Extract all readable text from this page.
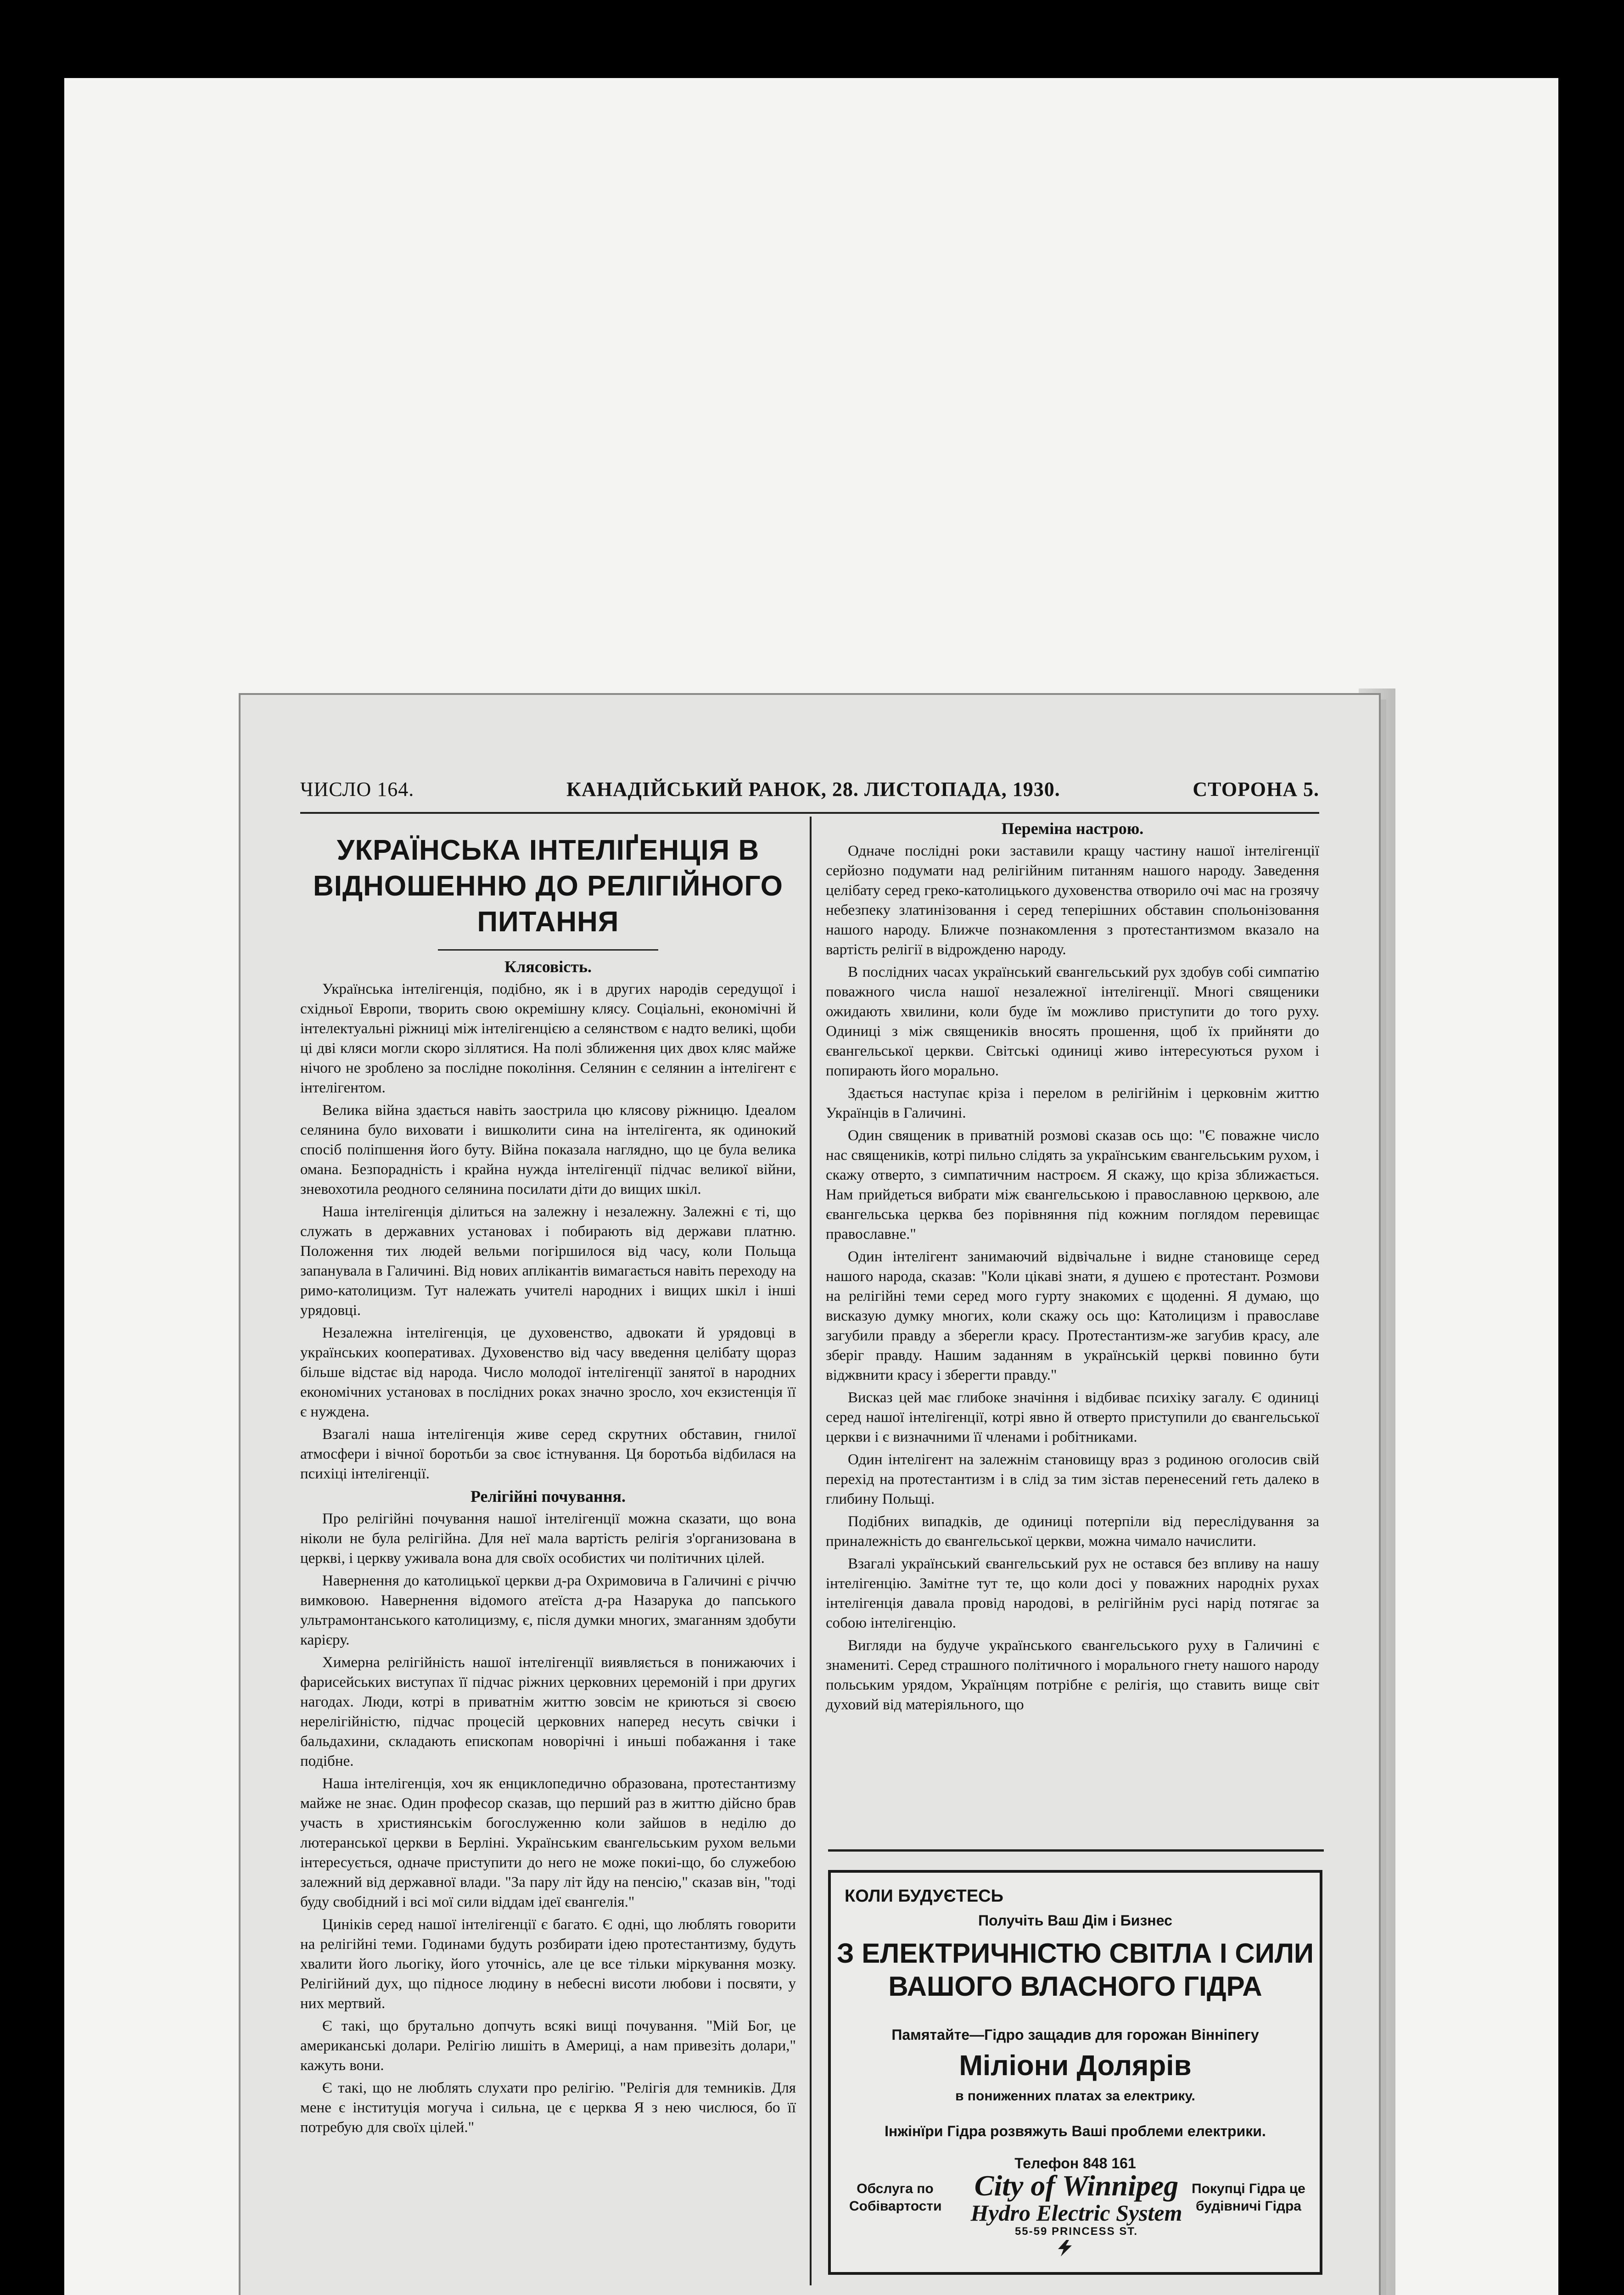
ЧИСЛО 164.	КАНАДІЙСЬКИЙ РАНОК, 28. ЛИСТОПАДА, 1930.	СТОРОНА 5.
УКРАЇНСЬКА ІНТЕЛІҐЕНЦІЯ В ВІДНОШЕННЮ ДО РЕЛІГІЙНОГО ПИТАННЯ

Клясовість.

Українська інтелігенція, подібно, як і в других народів середущої і східньої Европи, творить свою окремішну клясу. Соціальні, економічні й інтелектуальні ріжниці між інтелігенцією а селянством є надто великі, щоби ці дві кляси могли скоро зіллятися. На полі зближення цих двох кляс майже нічого не зроблено за послідне покоління. Селянин є селянин а інтелігент є інтелігентом.

Велика війна здається навіть заострила цю клясову ріжницю. Ідеалом селянина було виховати і вишколити сина на інтелігента, як одинокий спосіб поліпшення його буту. Війна показала наглядно, що це була велика омана. Безпорадність і крайна нужда інтелігенції підчас великої війни, зневохотила реодного селянина посилати діти до вищих шкіл.

Наша інтелігенція ділиться на залежну і незалежну. Залежні є ті, що служать в державних установах і побирають від держави платню. Положення тих людей вельми погіршилося від часу, коли Польща запанувала в Галичині. Від нових аплікантів вимагається навіть переходу на римо-католицизм. Тут належать учителі народних і вищих шкіл і інші урядовці.

Незалежна інтелігенція, це духовенство, адвокати й урядовці в українських кооперативах. Духовенство від часу введення целібату щораз більше відстає від народа. Число молодої інтелігенції занятої в народних економічних установах в послідних роках значно зросло, хоч екзистенція її є нуждена.

Взагалі наша інтелігенція живе серед скрутних обставин, гнилої атмосфери і вічної боротьби за своє істнування. Ця боротьба відбилася на психіці інтелігенції.

Релігійні почування.

Про релігійні почування нашої інтелігенції можна сказати, що вона ніколи не була релігійна. Для неї мала вартість релігія з'организована в церкві, і церкву уживала вона для своїх особистих чи політичних цілей.

Навернення до католицької церкви д-ра Охримовича в Галичині є річчю вимковою. Навернення відомого атеїста д-ра Назарука до папського ультрамонтанського католицизму, є, після думки многих, змаганням здобути карієру.

Химерна релігійність нашої інтелігенції виявляється в понижаючих і фарисейських виступах її підчас ріжних церковних церемоній і при других нагодах. Люди, котрі в приватнім життю зовсім не криються зі своєю нерелігійністю, підчас процесій церковних наперед несуть свічки і бальдахини, складають епископам новорічні і иньші побажання і таке подібне.

Наша інтелігенція, хоч як енциклопедично образована, протестантизму майже не знає. Один професор сказав, що перший раз в життю дійсно брав участь в християнськім богослуженню коли зайшов в неділю до лютеранської церкви в Берліні. Українським євангельським рухом вельми інтересується, одначе приступити до него не може покиі-що, бо служебою залежний від державної влади. "За пару літ йду на пенсію," сказав він, "тоді буду свобідний і всі мої сили віддам ідеї євангелія."

Циніків серед нашої інтелігенції є багато. Є одні, що люблять говорити на релігійні теми. Годинами будуть розбирати ідею протестантизму, будуть хвалити його льогіку, його уточнісь, але це все тільки міркування мозку. Релігійний дух, що підносе людину в небесні висоти любови і посвяти, у них мертвий.

Є такі, що брутально допчуть всякі вищі почування. "Мій Бог, це американські долари. Релігію лишіть в Америці, а нам привезіть долари," кажуть вони.

Є такі, що не люблять слухати про релігію. "Релігія для темників. Для мене є інституція могуча і сильна, це є церква Я з нею числюся, бо її потребую для своїх цілей."

Переміна настрою.

Одначе послідні роки заставили кращу частину нашої інтелігенції серйозно подумати над релігійним питанням нашого народу. Заведення целібату серед греко-католицького духовенства отворило очі мас на грозячу небезпеку златинізовання і серед теперішних обставин спольонізовання нашого народу. Ближче познакомлення з протестантизмом вказало на вартість релігії в відрожденю народу.

В послідних часах український євангельський рух здобув собі симпатію поважного числа нашої незалежної інтелігенції. Многі священики ожидають хвилини, коли буде їм можливо приступити до того руху. Одиниці з між священиків вносять прошення, щоб їх прийняти до євангельської церкви. Світські одиниці живо інтересуються рухом і попирають його морально.

Здається наступає кріза і перелом в релігійнім і церковнім життю Українців в Галичині.

Один священик в приватній розмові сказав ось що: "Є поважне число нас священиків, котрі пильно слідять за українським євангельським рухом, і скажу отверто, з симпатичним настроєм. Я скажу, що кріза зближається. Нам прийдеться вибрати між євангельською і православною церквою, але євангельська церква без порівняння під кожним поглядом перевищає православне."

Один інтелігент занимаючий відвічальне і видне становище серед нашого народа, сказав: "Коли цікаві знати, я душею є протестант. Розмови на релігійні теми серед мого гурту знакомих є щоденні. Я думаю, що висказую думку многих, коли скажу ось що: Католицизм і православе загубили правду а зберегли красу. Протестантизм-же загубив красу, але зберіг правду. Нашим заданням в українській церкві повинно бути віджвнити красу і зберегти правду."

Висказ цей має глибоке значіння і відбиває психіку загалу. Є одиниці серед нашої інтелігенції, котрі явно й отверто приступили до євангельської церкви і є визначними її членами і робітниками.

Один інтелігент на залежнім становищу враз з родиною оголосив свій перехід на протестантизм і в слід за тим зістав перенесений геть далеко в глибину Польщі.

Подібних випадків, де одиниці потерпіли від переслідування за приналежність до євангельської церкви, можна чимало начислити.

Взагалі український євангельський рух не остався без впливу на нашу інтелігенцію. Замітне тут те, що коли досі у поважних народніх рухах інтелігенція давала провід народові, в релігійнім русі нарід потягає за собою інтелігенцію.

Вигляди на будуче українського євангельського руху в Галичині є знамениті. Серед страшного політичного і морального гнету нашого народу польським урядом, Українцям потрібне є релігія, що ставить вище світ духовий від матеріяльного, що

КОЛИ БУДУЄТЕСЬ
Получіть Ваш Дім і Бизнес
З ЕЛЕКТРИЧНІСТЮ СВІТЛА І СИЛИ
ВАШОГО ВЛАСНОГО ГІДРА
Памятайте—Гідро защадив для горожан Вінніпегу
Міліони Долярів
в пониженних платах за електрику.
Інжінїри Гідра розвяжуть Ваші проблеми електрики.
Телефон 848 161
Обслуга по Собівартости
Покупці Гідра це будівничі Гідра
City of Winnipeg
Hydro Electric System
55-59 PRINCESS ST.
